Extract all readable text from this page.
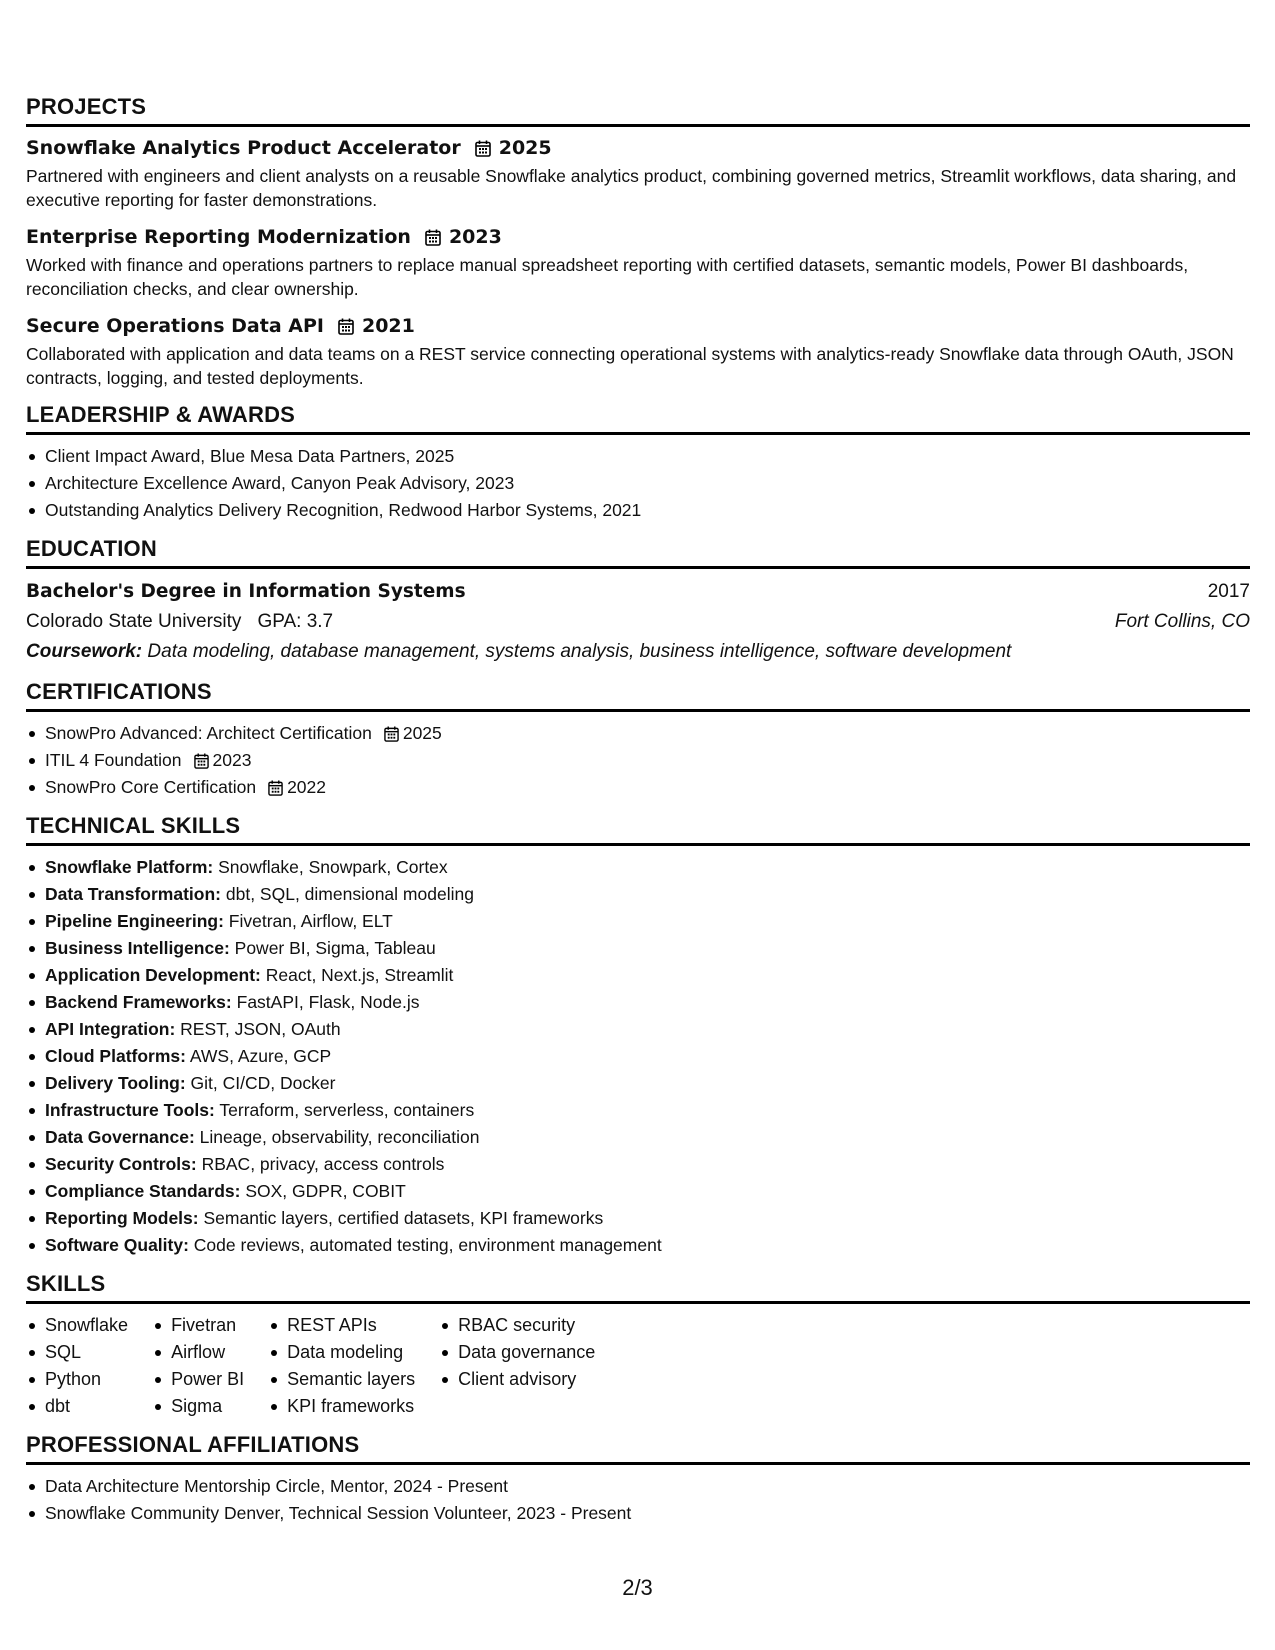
PROJECTS
Snowflake Analytics Product Accelerator 2025
Partnered with engineers and client analysts on a reusable Snowflake analytics product, combining governed metrics, Streamlit workflows, data sharing, and executive reporting for faster demonstrations.
Enterprise Reporting Modernization 2023
Worked with finance and operations partners to replace manual spreadsheet reporting with certified datasets, semantic models, Power BI dashboards, reconciliation checks, and clear ownership.
Secure Operations Data API 2021
Collaborated with application and data teams on a REST service connecting operational systems with analytics-ready Snowflake data through OAuth, JSON contracts, logging, and tested deployments.
LEADERSHIP & AWARDS
Client Impact Award, Blue Mesa Data Partners, 2025
Architecture Excellence Award, Canyon Peak Advisory, 2023
Outstanding Analytics Delivery Recognition, Redwood Harbor Systems, 2021
EDUCATION
Bachelor's Degree in Information Systems	2017
Colorado State University GPA: 3.7	Fort Collins, CO
Coursework: Data modeling, database management, systems analysis, business intelligence, software development
CERTIFICATIONS
SnowPro Advanced: Architect Certification 2025
ITIL 4 Foundation 2023
SnowPro Core Certification 2022
TECHNICAL SKILLS
Snowflake Platform: Snowflake, Snowpark, Cortex
Data Transformation: dbt, SQL, dimensional modeling
Pipeline Engineering: Fivetran, Airflow, ELT
Business Intelligence: Power BI, Sigma, Tableau
Application Development: React, Next.js, Streamlit
Backend Frameworks: FastAPI, Flask, Node.js
API Integration: REST, JSON, OAuth
Cloud Platforms: AWS, Azure, GCP
Delivery Tooling: Git, CI/CD, Docker
Infrastructure Tools: Terraform, serverless, containers
Data Governance: Lineage, observability, reconciliation
Security Controls: RBAC, privacy, access controls
Compliance Standards: SOX, GDPR, COBIT
Reporting Models: Semantic layers, certified datasets, KPI frameworks
Software Quality: Code reviews, automated testing, environment management
SKILLS
Snowflake
SQL
Python
dbt
Fivetran
Airflow
Power BI
Sigma
REST APIs
Data modeling
Semantic layers
KPI frameworks
RBAC security
Data governance
Client advisory
PROFESSIONAL AFFILIATIONS
Data Architecture Mentorship Circle, Mentor, 2024 - Present
Snowflake Community Denver, Technical Session Volunteer, 2023 - Present
2/3
